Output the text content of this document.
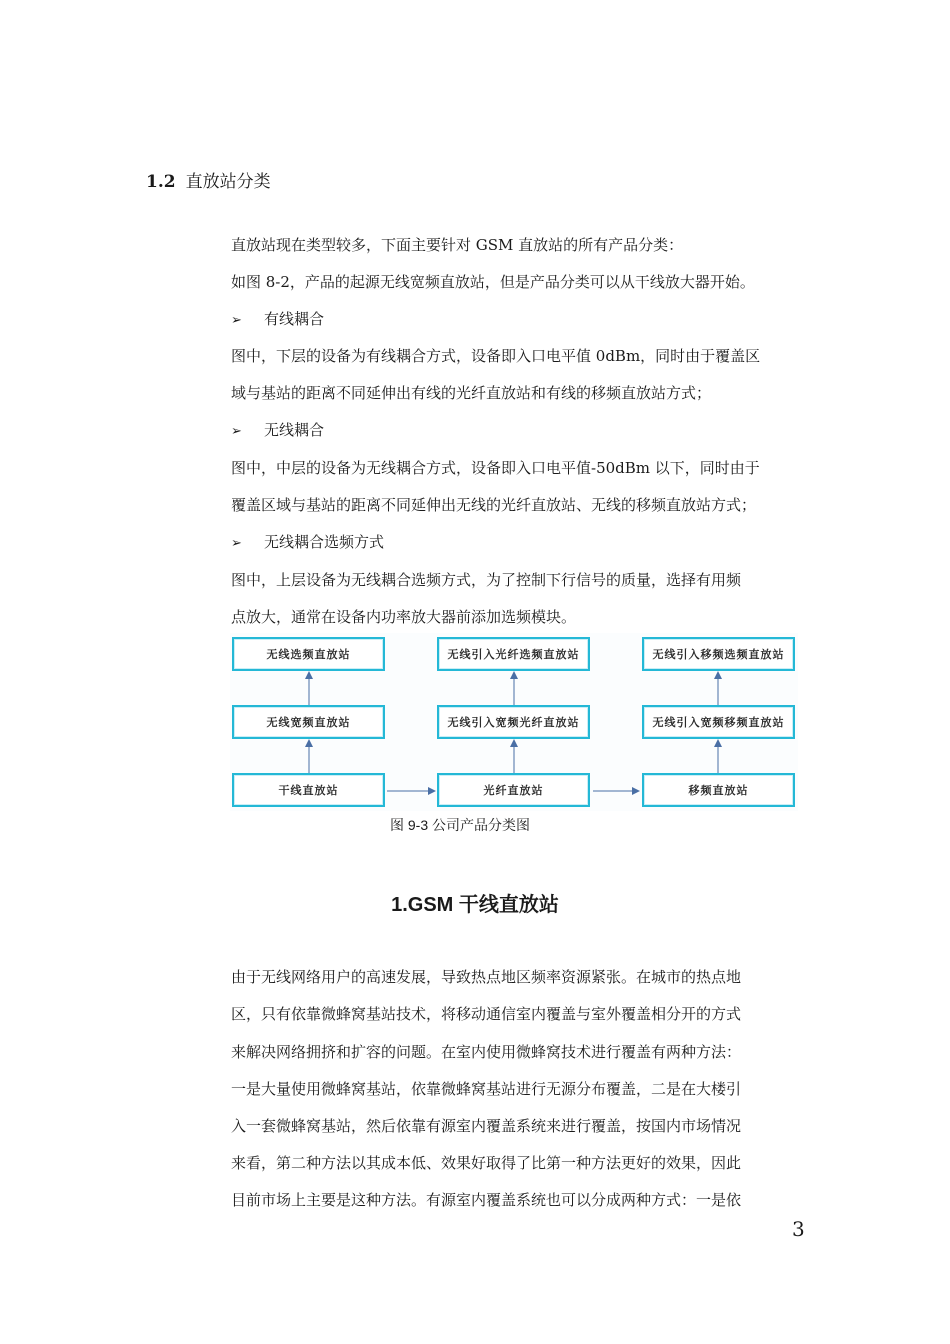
1.2 直放站分类
直放站现在类型较多，下面主要针对 GSM 直放站的所有产品分类：
如图 8-2，产品的起源无线宽频直放站，但是产品分类可以从干线放大器开始。
➢ 有线耦合
图中，下层的设备为有线耦合方式，设备即入口电平值 0dBm，同时由于覆盖区
域与基站的距离不同延伸出有线的光纤直放站和有线的移频直放站方式；
➢ 无线耦合
图中，中层的设备为无线耦合方式，设备即入口电平值-50dBm 以下，同时由于
覆盖区域与基站的距离不同延伸出无线的光纤直放站、无线的移频直放站方式；
➢ 无线耦合选频方式
图中，上层设备为无线耦合选频方式，为了控制下行信号的质量，选择有用频
点放大，通常在设备内功率放大器前添加选频模块。
无线选频直放站	无线引入光纤选频直放站	无线引入移频选频直放站
无线宽频直放站	无线引入宽频光纤直放站	无线引入宽频移频直放站
干线直放站	光纤直放站	移频直放站
图 9-3 公司产品分类图
1.GSM 干线直放站
由于无线网络用户的高速发展，导致热点地区频率资源紧张。在城市的热点地
区，只有依靠微蜂窝基站技术，将移动通信室内覆盖与室外覆盖相分开的方式
来解决网络拥挤和扩容的问题。在室内使用微蜂窝技术进行覆盖有两种方法：
一是大量使用微蜂窝基站，依靠微蜂窝基站进行无源分布覆盖，二是在大楼引
入一套微蜂窝基站，然后依靠有源室内覆盖系统来进行覆盖，按国内市场情况
来看，第二种方法以其成本低、效果好取得了比第一种方法更好的效果，因此
目前市场上主要是这种方法。有源室内覆盖系统也可以分成两种方式：一是依
3
